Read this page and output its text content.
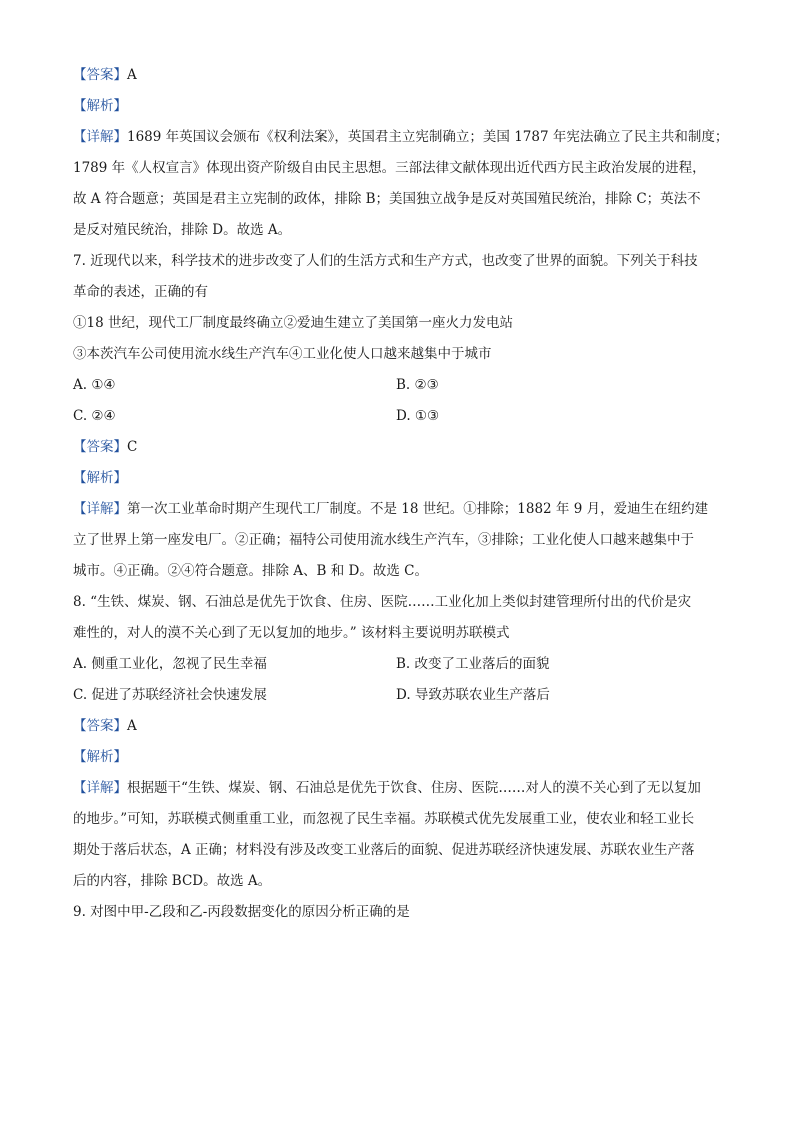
【答案】A
【解析】
【详解】1689 年英国议会颁布《权利法案》，英国君主立宪制确立；美国 1787 年宪法确立了民主共和制度；
1789 年《人权宣言》体现出资产阶级自由民主思想。三部法律文献体现出近代西方民主政治发展的进程，
故 A 符合题意；英国是君主立宪制的政体，排除 B；美国独立战争是反对英国殖民统治，排除 C；英法不
是反对殖民统治，排除 D。故选 A。
7. 近现代以来，科学技术的进步改变了人们的生活方式和生产方式，也改变了世界的面貌。下列关于科技
革命的表述，正确的有
①18 世纪，现代工厂制度最终确立②爱迪生建立了美国第一座火力发电站
③本茨汽车公司使用流水线生产汽车④工业化使人口越来越集中于城市
A. ①④	B. ②③
C. ②④	D. ①③
【答案】C
【解析】
【详解】第一次工业革命时期产生现代工厂制度。不是 18 世纪。①排除；1882 年 9 月，爱迪生在纽约建
立了世界上第一座发电厂。②正确；福特公司使用流水线生产汽车，③排除；工业化使人口越来越集中于
城市。④正确。②④符合题意。排除 A、B 和 D。故选 C。
8. “生铁、煤炭、钢、石油总是优先于饮食、住房、医院……工业化加上类似封建管理所付出的代价是灾
难性的，对人的漠不关心到了无以复加的地步。” 该材料主要说明苏联模式
A. 侧重工业化，忽视了民生幸福	B. 改变了工业落后的面貌
C. 促进了苏联经济社会快速发展	D. 导致苏联农业生产落后
【答案】A
【解析】
【详解】根据题干“生铁、煤炭、钢、石油总是优先于饮食、住房、医院……对人的漠不关心到了无以复加
的地步。”可知，苏联模式侧重重工业，而忽视了民生幸福。苏联模式优先发展重工业，使农业和轻工业长
期处于落后状态，A 正确；材料没有涉及改变工业落后的面貌、促进苏联经济快速发展、苏联农业生产落
后的内容，排除 BCD。故选 A。
9. 对图中甲-乙段和乙-丙段数据变化的原因分析正确的是
